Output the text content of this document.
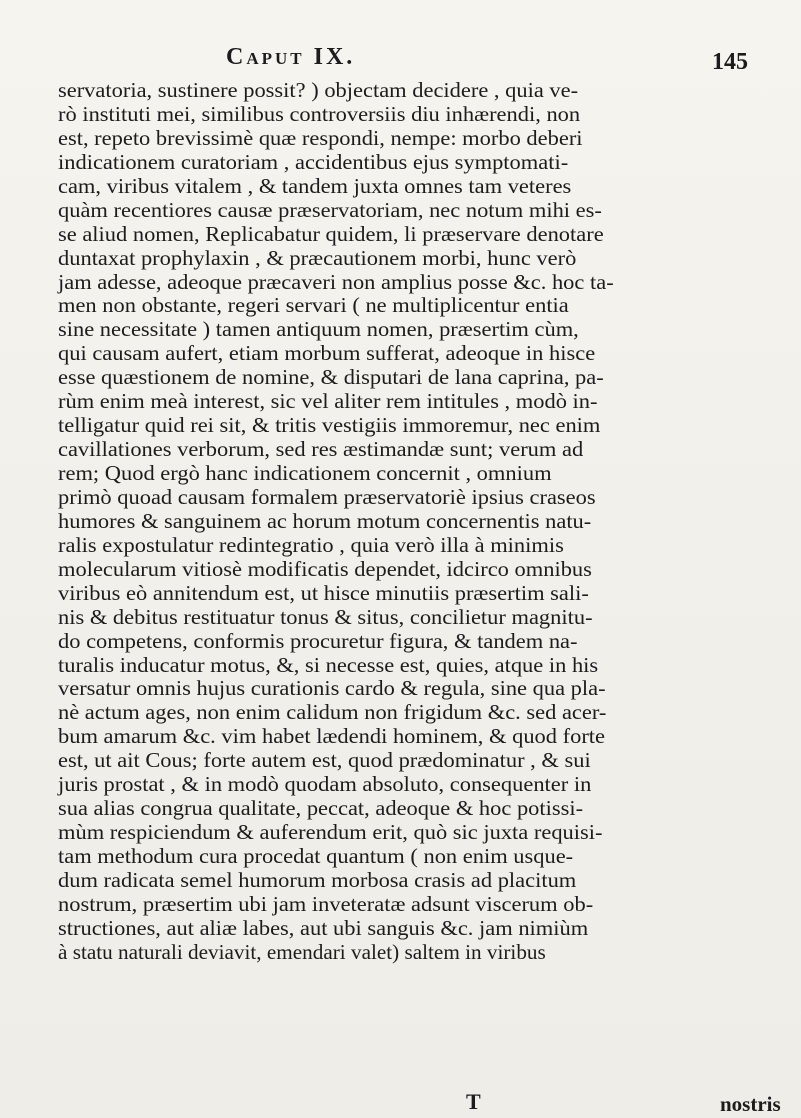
Caput IX.	145
servatoria, sustinere possit? ) objectam decidere , quia ve-
rò instituti mei, similibus controversiis diu inhærendi, non
est, repeto brevissimè quæ respondi, nempe: morbo deberi
indicationem curatoriam , accidentibus ejus symptomati-
cam, viribus vitalem , & tandem juxta omnes tam veteres
quàm recentiores causæ præservatoriam, nec notum mihi es-
se aliud nomen, Replicabatur quidem, li præservare denotare
duntaxat prophylaxin , & præcautionem morbi, hunc verò
jam adesse, adeoque præcaveri non amplius posse &c. hoc ta-
men non obstante, regeri servari ( ne multiplicentur entia
sine necessitate ) tamen antiquum nomen, præsertim cùm,
qui causam aufert, etiam morbum sufferat, adeoque in hisce
esse quæstionem de nomine, & disputari de lana caprina, pa-
rùm enim meà interest, sic vel aliter rem intitules , modò in-
telligatur quid rei sit, & tritis vestigiis immoremur, nec enim
cavillationes verborum, sed res æstimandæ sunt; verum ad
rem; Quod ergò hanc indicationem concernit , omnium
primò quoad causam formalem præservatoriè ipsius craseos
humores & sanguinem ac horum motum concernentis natu-
ralis expostulatur redintegratio , quia verò illa à minimis
molecularum vitiosè modificatis dependet, idcirco omnibus
viribus eò annitendum est, ut hisce minutiis præsertim sali-
nis & debitus restituatur tonus & situs, concilietur magnitu-
do competens, conformis procuretur figura, & tandem na-
turalis inducatur motus, &, si necesse est, quies, atque in his
versatur omnis hujus curationis cardo & regula, sine qua pla-
nè actum ages, non enim calidum non frigidum &c. sed acer-
bum amarum &c. vim habet lædendi hominem, & quod forte
est, ut ait Cous; forte autem est, quod prædominatur , & sui
juris prostat , & in modò quodam absoluto, consequenter in
sua alias congrua qualitate, peccat, adeoque & hoc potissi-
mùm respiciendum & auferendum erit, quò sic juxta requisi-
tam methodum cura procedat quantum ( non enim usque-
dum radicata semel humorum morbosa crasis ad placitum
nostrum, præsertim ubi jam inveteratæ adsunt viscerum ob-
structiones, aut aliæ labes, aut ubi sanguis &c. jam nimiùm
à statu naturali deviavit, emendari valet) saltem in viribus
T	nostris
